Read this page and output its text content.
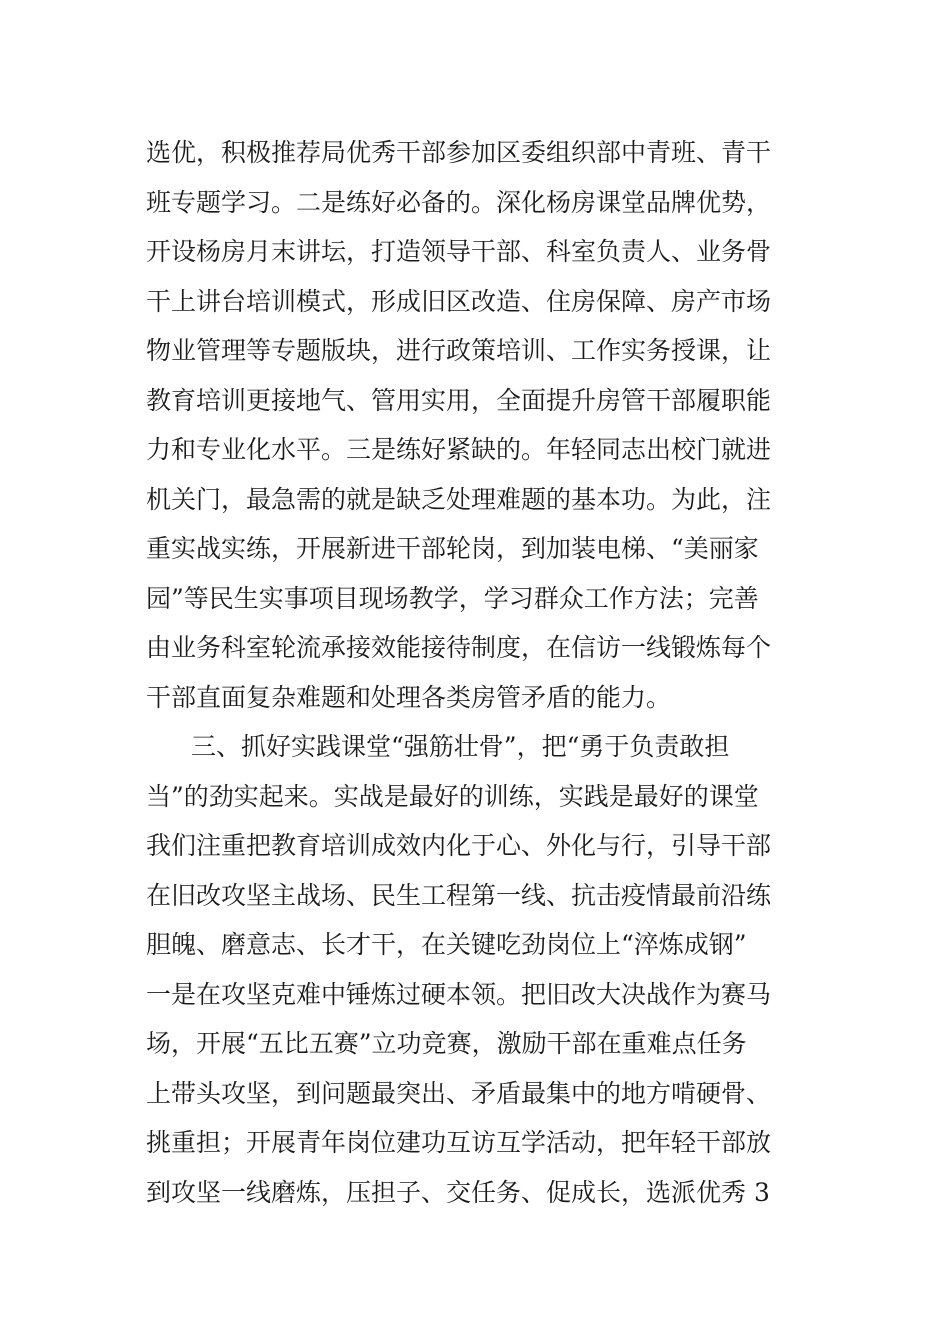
选优，积极推荐局优秀干部参加区委组织部中青班、青干
班专题学习。二是练好必备的。深化杨房课堂品牌优势，
开设杨房月末讲坛，打造领导干部、科室负责人、业务骨
干上讲台培训模式，形成旧区改造、住房保障、房产市场
物业管理等专题版块，进行政策培训、工作实务授课，让
教育培训更接地气、管用实用，全面提升房管干部履职能
力和专业化水平。三是练好紧缺的。年轻同志出校门就进
机关门，最急需的就是缺乏处理难题的基本功。为此，注
重实战实练，开展新进干部轮岗，到加装电梯、“美丽家
园”等民生实事项目现场教学，学习群众工作方法；完善
由业务科室轮流承接效能接待制度，在信访一线锻炼每个
干部直面复杂难题和处理各类房管矛盾的能力。
三、抓好实践课堂“强筋壮骨”，把“勇于负责敢担
当”的劲实起来。实战是最好的训练，实践是最好的课堂
我们注重把教育培训成效内化于心、外化与行，引导干部
在旧改攻坚主战场、民生工程第一线、抗击疫情最前沿练
胆魄、磨意志、长才干，在关键吃劲岗位上“淬炼成钢”
一是在攻坚克难中锤炼过硬本领。把旧改大决战作为赛马
场，开展“五比五赛”立功竞赛，激励干部在重难点任务
上带头攻坚，到问题最突出、矛盾最集中的地方啃硬骨、
挑重担；开展青年岗位建功互访互学活动，把年轻干部放
到攻坚一线磨炼，压担子、交任务、促成长，选派优秀 3
